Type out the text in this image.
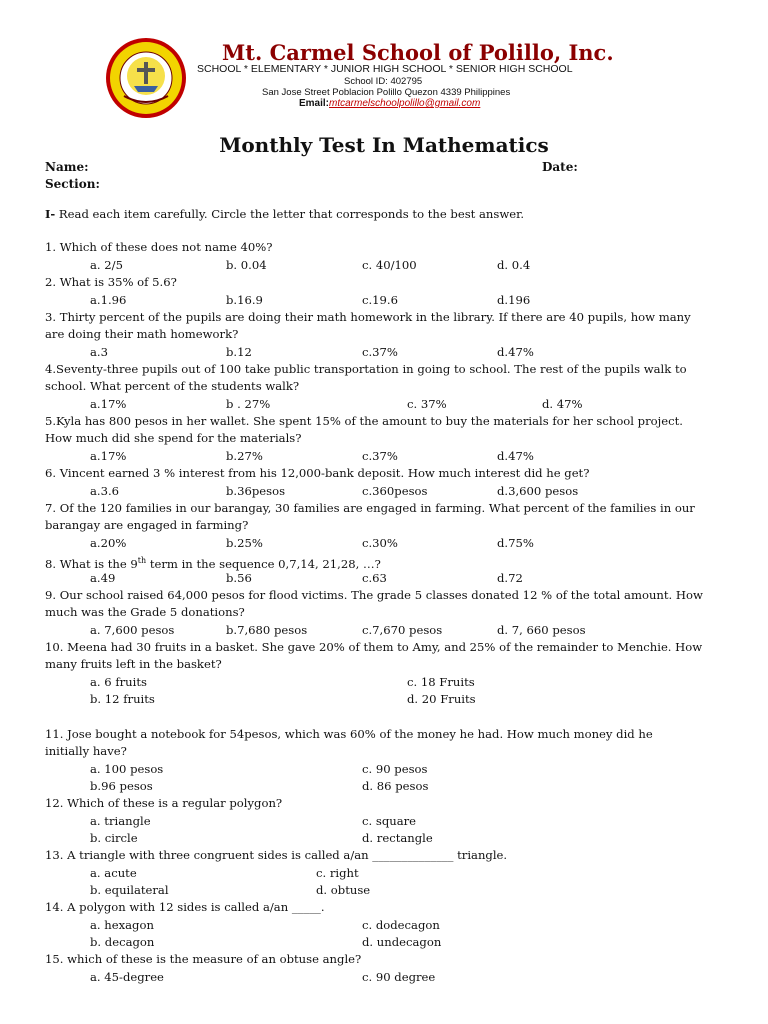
Mt. Carmel School of Polillo, Inc.
SCHOOL * ELEMENTARY * JUNIOR HIGH SCHOOL * SENIOR HIGH SCHOOL
School ID: 402795
San Jose Street Poblacion Polillo Quezon 4339 Philippines
Email:mtcarmelschoolpolillo@gmail.com
Monthly Test In Mathematics
Name:	Date:
Section:
I- Read each item carefully. Circle the letter that corresponds to the best answer.
1. Which of these does not name 40%?
a. 2/5	b. 0.04	c. 40/100	d. 0.4
2. What is 35% of 5.6?
a.1.96	b.16.9	c.19.6	d.196
3. Thirty percent of the pupils are doing their math homework in the library. If there are 40 pupils, how many
are doing their math homework?
a.3	b.12	c.37%	d.47%
4.Seventy-three pupils out of 100 take public transportation in going to school. The rest of the pupils walk to
school. What percent of the students walk?
a.17%	b . 27%	c. 37%	d. 47%
5.Kyla has 800 pesos in her wallet. She spent 15% of the amount to buy the materials for her school project.
How much did she spend for the materials?
a.17%	b.27%	c.37%	d.47%
6. Vincent earned 3 % interest from his 12,000-bank deposit. How much interest did he get?
a.3.6	b.36pesos	c.360pesos	d.3,600 pesos
7. Of the 120 families in our barangay, 30 families are engaged in farming. What percent of the families in our
barangay are engaged in farming?
a.20%	b.25%	c.30%	d.75%
8. What is the 9th term in the sequence 0,7,14, 21,28, …?
a.49	b.56	c.63	d.72
9. Our school raised 64,000 pesos for flood victims. The grade 5 classes donated 12 % of the total amount. How
much was the Grade 5 donations?
a. 7,600 pesos	b.7,680 pesos	c.7,670 pesos	d. 7, 660 pesos
10. Meena had 30 fruits in a basket. She gave 20% of them to Amy, and 25% of the remainder to Menchie. How
many fruits left in the basket?
a. 6 fruits	c. 18 Fruits
b. 12 fruits	d. 20 Fruits
11. Jose bought a notebook for 54pesos, which was 60% of the money he had. How much money did he
initially have?
a. 100 pesos	c. 90 pesos
b.96 pesos	d. 86 pesos
12. Which of these is a regular polygon?
a. triangle	c. square
b. circle	d. rectangle
13. A triangle with three congruent sides is called a/an ______________ triangle.
a. acute	c. right
b. equilateral	d. obtuse
14. A polygon with 12 sides is called a/an _____.
a. hexagon	c. dodecagon
b. decagon	d. undecagon
15. which of these is the measure of an obtuse angle?
a. 45-degree	c. 90 degree
